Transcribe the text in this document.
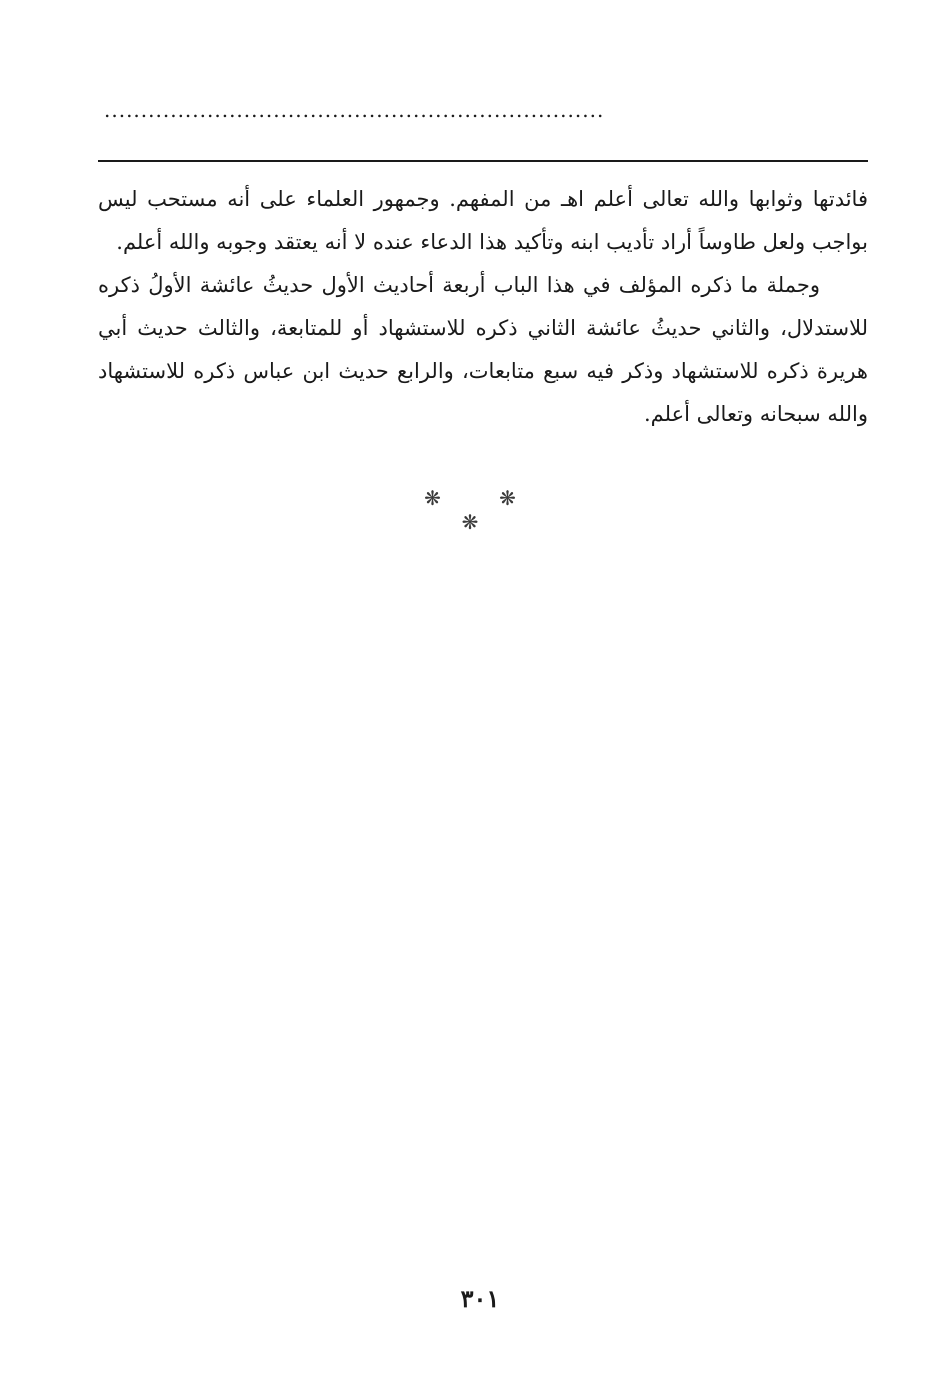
....................................................................

فائدتها وثوابها والله تعالى أعلم اهـ من المفهم. وجمهور العلماء على أنه مستحب ليس بواجب ولعل طاوساً أراد تأديب ابنه وتأكيد هذا الدعاء عنده لا أنه يعتقد وجوبه والله أعلم.

وجملة ما ذكره المؤلف في هذا الباب أربعة أحاديث الأول حديثُ عائشة الأولُ ذكره للاستدلال، والثاني حديثُ عائشة الثاني ذكره للاستشهاد أو للمتابعة، والثالث حديث أبي هريرة ذكره للاستشهاد وذكر فيه سبع متابعات، والرابع حديث ابن عباس ذكره للاستشهاد والله سبحانه وتعالى أعلم.

❋ ❋ ❋
٣٠١
